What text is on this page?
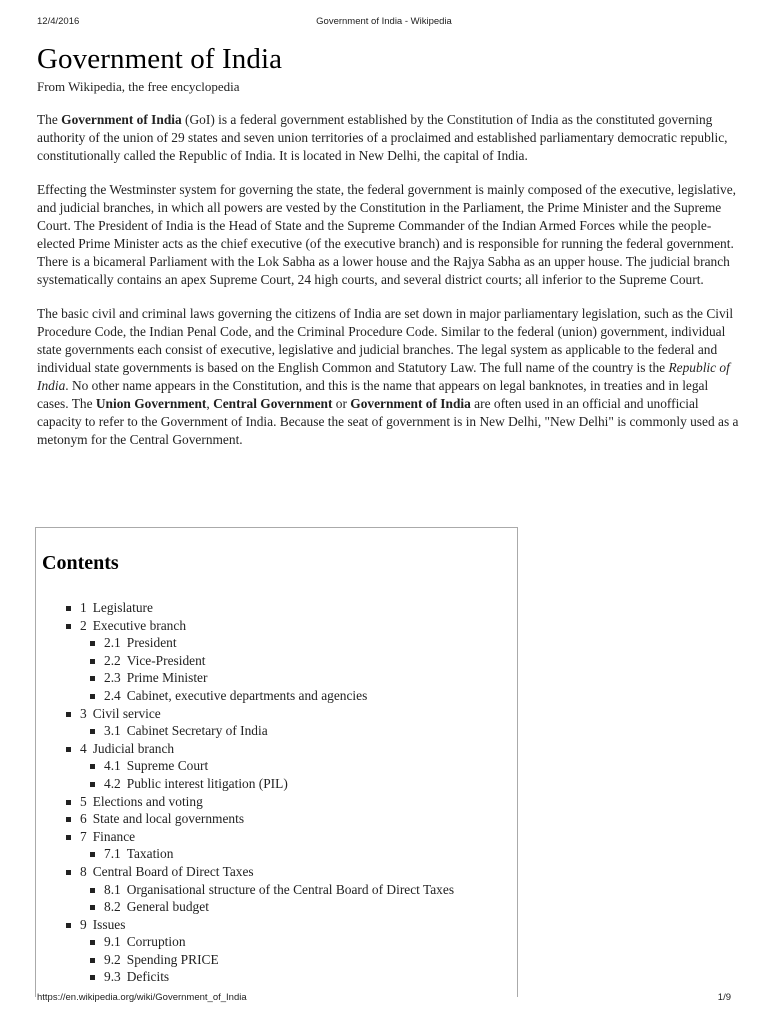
12/4/2016	Government of India - Wikipedia
Government of India
From Wikipedia, the free encyclopedia

The Government of India (GoI) is a federal government established by the Constitution of India as the constituted governing authority of the union of 29 states and seven union territories of a proclaimed and established parliamentary democratic republic, constitutionally called the Republic of India. It is located in New Delhi, the capital of India.

Effecting the Westminster system for governing the state, the federal government is mainly composed of the executive, legislative, and judicial branches, in which all powers are vested by the Constitution in the Parliament, the Prime Minister and the Supreme Court. The President of India is the Head of State and the Supreme Commander of the Indian Armed Forces while the people-elected Prime Minister acts as the chief executive (of the executive branch) and is responsible for running the federal government. There is a bicameral Parliament with the Lok Sabha as a lower house and the Rajya Sabha as an upper house. The judicial branch systematically contains an apex Supreme Court, 24 high courts, and several district courts; all inferior to the Supreme Court.

The basic civil and criminal laws governing the citizens of India are set down in major parliamentary legislation, such as the Civil Procedure Code, the Indian Penal Code, and the Criminal Procedure Code. Similar to the federal (union) government, individual state governments each consist of executive, legislative and judicial branches. The legal system as applicable to the federal and individual state governments is based on the English Common and Statutory Law. The full name of the country is the Republic of India. No other name appears in the Constitution, and this is the name that appears on legal banknotes, in treaties and in legal cases. The Union Government, Central Government or Government of India are often used in an official and unofficial capacity to refer to the Government of India. Because the seat of government is in New Delhi, "New Delhi" is commonly used as a metonym for the Central Government.

Contents
1 Legislature
2 Executive branch
2.1 President
2.2 Vice-President
2.3 Prime Minister
2.4 Cabinet, executive departments and agencies
3 Civil service
3.1 Cabinet Secretary of India
4 Judicial branch
4.1 Supreme Court
4.2 Public interest litigation (PIL)
5 Elections and voting
6 State and local governments
7 Finance
7.1 Taxation
8 Central Board of Direct Taxes
8.1 Organisational structure of the Central Board of Direct Taxes
8.2 General budget
9 Issues
9.1 Corruption
9.2 Spending PRICE
9.3 Deficits
https://en.wikipedia.org/wiki/Government_of_India	1/9
